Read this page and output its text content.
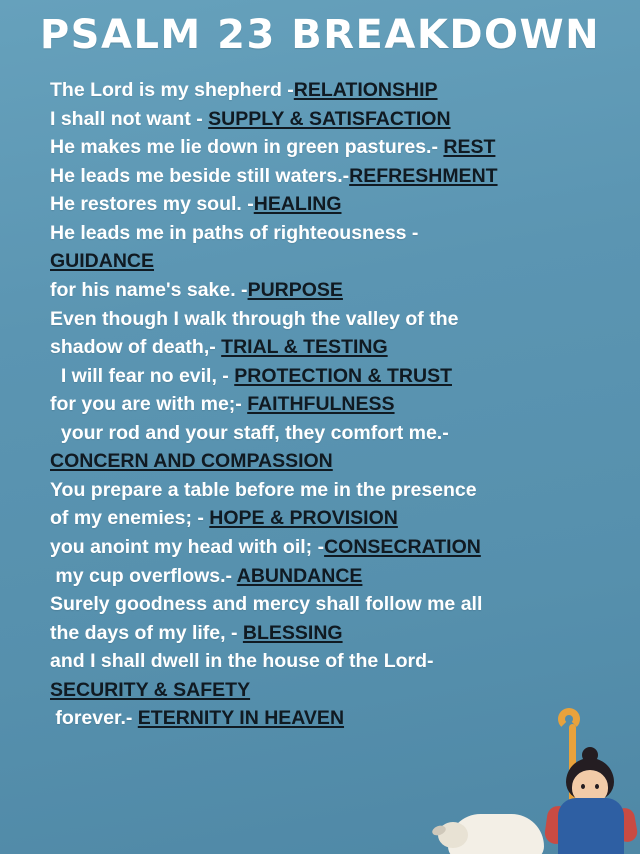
PSALM 23 BREAKDOWN
The Lord is my shepherd -RELATIONSHIP
I shall not want - SUPPLY & SATISFACTION
He makes me lie down in green pastures.- REST
He leads me beside still waters.-REFRESHMENT
He restores my soul. -HEALING
He leads me in paths of righteousness -
GUIDANCE
for his name's sake. -PURPOSE
Even though I walk through the valley of the
shadow of death,- TRIAL & TESTING
I will fear no evil, - PROTECTION & TRUST
for you are with me;- FAITHFULNESS
your rod and your staff, they comfort me.-
CONCERN AND COMPASSION
You prepare a table before me in the presence
of my enemies; - HOPE & PROVISION
you anoint my head with oil; -CONSECRATION
my cup overflows.- ABUNDANCE
Surely goodness and mercy shall follow me all
the days of my life, - BLESSING
and I shall dwell in the house of the Lord-
SECURITY & SAFETY
forever.- ETERNITY IN HEAVEN
